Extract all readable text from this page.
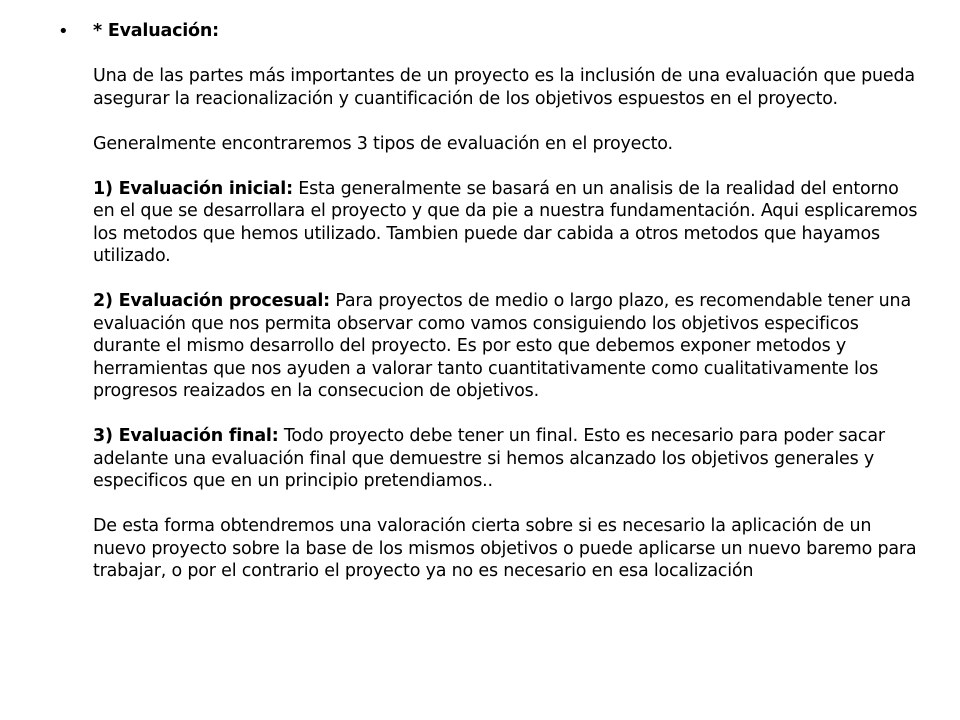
• * Evaluación:

Una de las partes más importantes de un proyecto es la inclusión de una evaluación que pueda asegurar la reacionalización y cuantificación de los objetivos espuestos en el proyecto.

Generalmente encontraremos 3 tipos de evaluación en el proyecto.

1) Evaluación inicial: Esta generalmente se basará en un analisis de la realidad del entorno en el que se desarrollara el proyecto y que da pie a nuestra fundamentación. Aqui esplicaremos los metodos que hemos utilizado. Tambien puede dar cabida a otros metodos que hayamos utilizado.

2) Evaluación procesual: Para proyectos de medio o largo plazo, es recomendable tener una evaluación que nos permita observar como vamos consiguiendo los objetivos especificos durante el mismo desarrollo del proyecto. Es por esto que debemos exponer metodos y herramientas que nos ayuden a valorar tanto cuantitativamente como cualitativamente los progresos reaizados en la consecucion de objetivos.

3) Evaluación final: Todo proyecto debe tener un final. Esto es necesario para poder sacar adelante una evaluación final que demuestre si hemos alcanzado los objetivos generales y especificos que en un principio pretendiamos..

De esta forma obtendremos una valoración cierta sobre si es necesario la aplicación de un nuevo proyecto sobre la base de los mismos objetivos o puede aplicarse un nuevo baremo para trabajar, o por el contrario el proyecto ya no es necesario en esa localización
